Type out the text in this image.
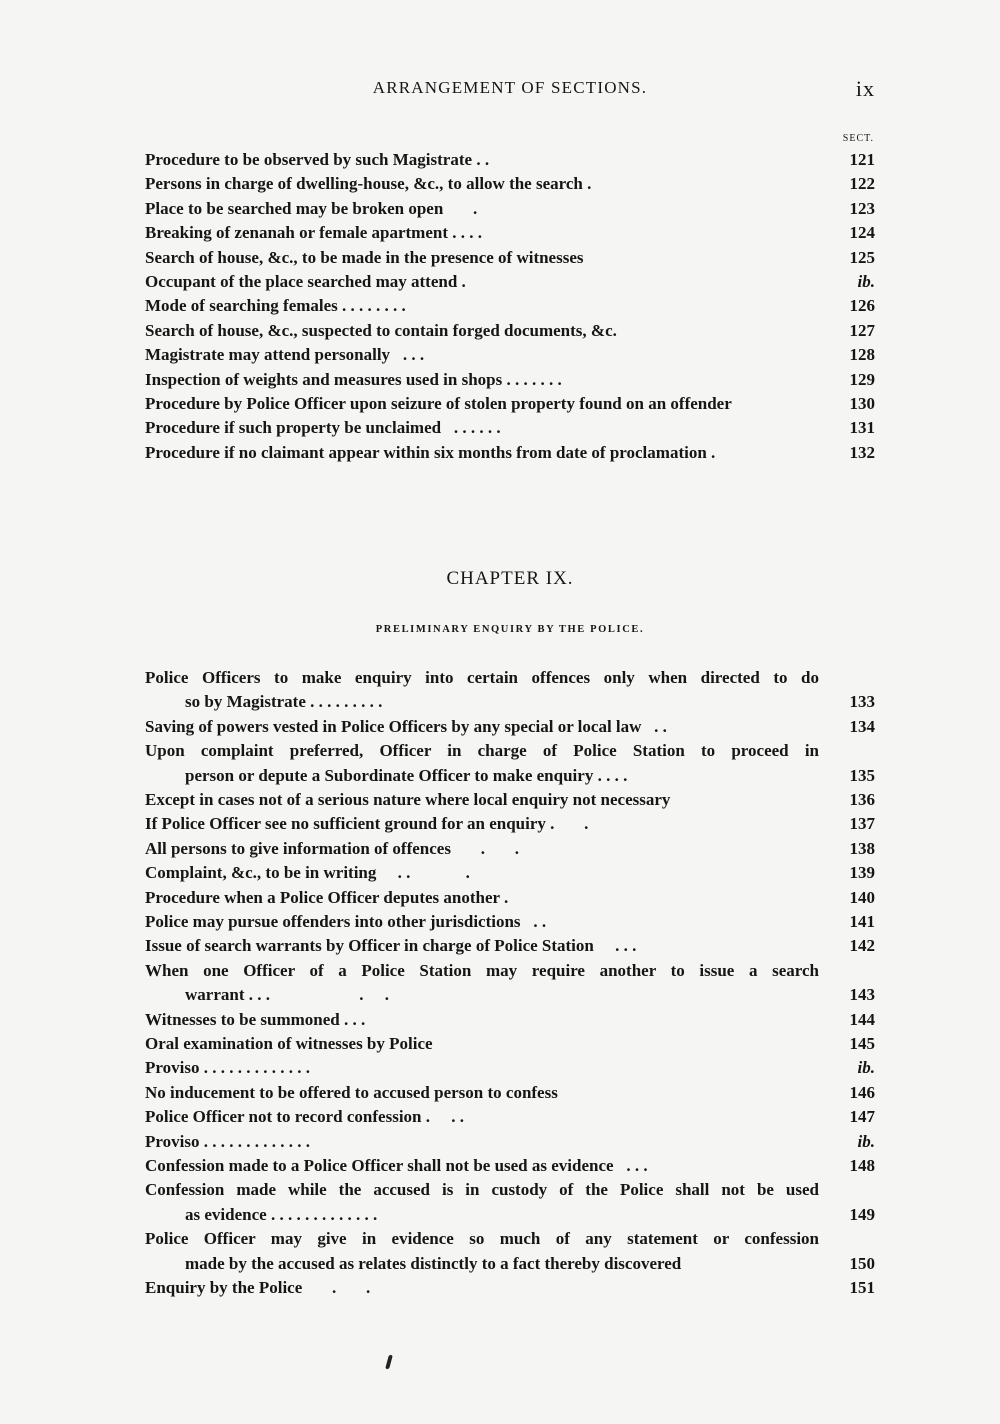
ARRANGEMENT OF SECTIONS.	ix
SECT.
Procedure to be observed by such Magistrate . .	121
Persons in charge of dwelling-house, &c., to allow the search .	122
Place to be searched may be broken open       .	123
Breaking of zenanah or female apartment . . . .	124
Search of house, &c., to be made in the presence of witnesses	125
Occupant of the place searched may attend .	ib.
Mode of searching females . . . . . . . .	126
Search of house, &c., suspected to contain forged documents, &c.	127
Magistrate may attend personally   . . .	128
Inspection of weights and measures used in shops . . . . . . .	129
Procedure by Police Officer upon seizure of stolen property found on an offender	130
Procedure if such property be unclaimed   . . . . . .	131
Procedure if no claimant appear within six months from date of proclamation .	132
CHAPTER IX.
PRELIMINARY ENQUIRY BY THE POLICE.
Police Officers to make enquiry into certain offences only when directed to do
so by Magistrate . . . . . . . . .	133
Saving of powers vested in Police Officers by any special or local law   . .	134
Upon complaint preferred, Officer in charge of Police Station to proceed in
person or depute a Subordinate Officer to make enquiry . . . .	135
Except in cases not of a serious nature where local enquiry not necessary	136
If Police Officer see no sufficient ground for an enquiry .       .	137
All persons to give information of offences       .       .	138
Complaint, &c., to be in writing     . .             .	139
Procedure when a Police Officer deputes another .	140
Police may pursue offenders into other jurisdictions   . .	141
Issue of search warrants by Officer in charge of Police Station     . . .	142
When one Officer of a Police Station may require another to issue a search
warrant . . .                     .     .	143
Witnesses to be summoned . . .	144
Oral examination of witnesses by Police	145
Proviso . . . . . . . . . . . . .	ib.
No inducement to be offered to accused person to confess	146
Police Officer not to record confession .     . .	147
Proviso . . . . . . . . . . . . .	ib.
Confession made to a Police Officer shall not be used as evidence   . . .	148
Confession made while the accused is in custody of the Police shall not be used
as evidence . . . . . . . . . . . . .	149
Police Officer may give in evidence so much of any statement or confession
made by the accused as relates distinctly to a fact thereby discovered	150
Enquiry by the Police       .       .	151
